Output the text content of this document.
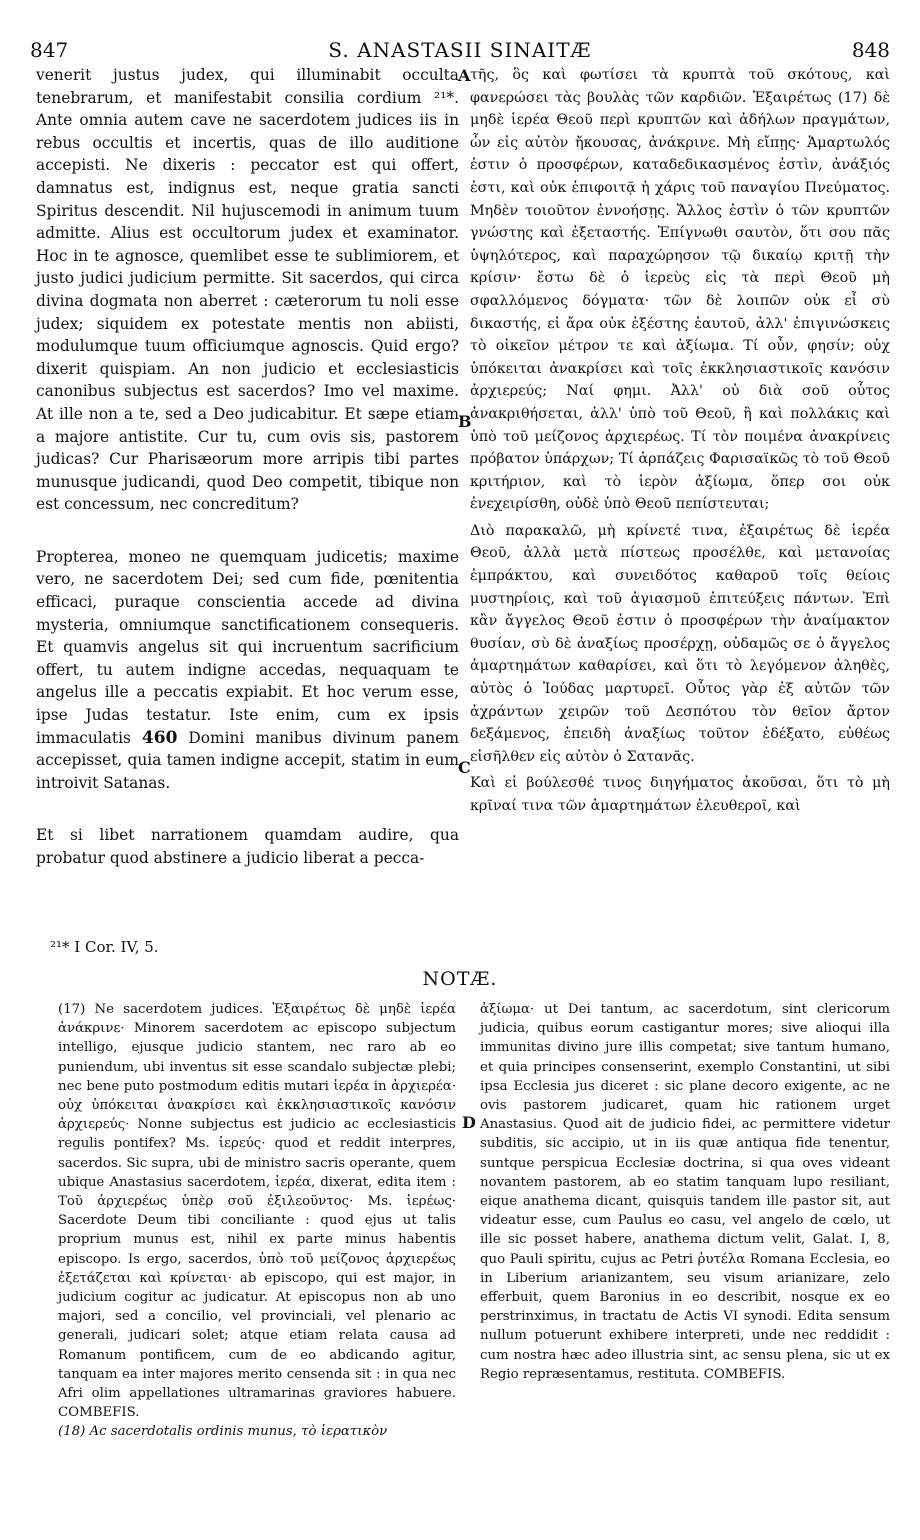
847	S. ANASTASII SINAITÆ	848

venerit justus judex, qui illuminabit occulta tenebrarum, et manifestabit consilia cordium ²¹*. Ante omnia autem cave ne sacerdotem judices iis in rebus occultis et incertis, quas de illo auditione accepisti. Ne dixeris : peccator est qui offert, damnatus est, indignus est, neque gratia sancti Spiritus descendit. Nil hujuscemodi in animum tuum admitte. Alius est occultorum judex et examinator. Hoc in te agnosce, quemlibet esse te sublimiorem, et justo judici judicium permitte. Sit sacerdos, qui circa divina dogmata non aberret : cæterorum tu noli esse judex; siquidem ex potestate mentis non abiisti, modulumque tuum officiumque agnoscis. Quid ergo? dixerit quispiam. An non judicio et ecclesiasticis canonibus subjectus est sacerdos? Imo vel maxime. At ille non a te, sed a Deo judicabitur. Et sæpe etiam a majore antistite. Cur tu, cum ovis sis, pastorem judicas? Cur Pharisæorum more arripis tibi partes munusque judicandi, quod Deo competit, tibique non est concessum, nec concreditum?

Propterea, moneo ne quemquam judicetis; maxime vero, ne sacerdotem Dei; sed cum fide, pœnitentia efficaci, puraque conscientia accede ad divina mysteria, omniumque sanctificationem consequeris. Et quamvis angelus sit qui incruentum sacrificium offert, tu autem indigne accedas, nequaquam te angelus ille a peccatis expiabit. Et hoc verum esse, ipse Judas testatur. Iste enim, cum ex ipsis immaculatis 460 Domini manibus divinum panem accepisset, quia tamen indigne accepit, statim in eum introivit Satanas.

Et si libet narrationem quamdam audire, qua probatur quod abstinere a judicio liberat a pecca-

A
B
C
D

τῆς, ὃς καὶ φωτίσει τὰ κρυπτὰ τοῦ σκότους, καὶ φανερώσει τὰς βουλὰς τῶν καρδιῶν. Ἐξαιρέτως (17) δὲ μηδὲ ἱερέα Θεοῦ περὶ κρυπτῶν καὶ ἀδήλων πραγμάτων, ὧν εἰς αὐτὸν ἤκουσας, ἀνάκρινε. Μὴ εἴπῃς· Ἁμαρτωλός ἐστιν ὁ προσφέρων, καταδεδικασμένος ἐστὶν, ἀνάξιός ἐστι, καὶ οὐκ ἐπιφοιτᾷ ἡ χάρις τοῦ παναγίου Πνεύματος. Μηδὲν τοιοῦτον ἐννοήσῃς. Ἄλλος ἐστὶν ὁ τῶν κρυπτῶν γνώστης καὶ ἐξεταστής. Ἐπίγνωθι σαυτὸν, ὅτι σου πᾶς ὑψηλότερος, καὶ παραχώρησον τῷ δικαίῳ κριτῇ τὴν κρίσιν· ἔστω δὲ ὁ ἱερεὺς εἰς τὰ περὶ Θεοῦ μὴ σφαλλόμενος δόγματα· τῶν δὲ λοιπῶν οὐκ εἶ σὺ δικαστής, εἰ ἄρα οὐκ ἐξέστης ἑαυτοῦ, ἀλλ' ἐπιγινώσκεις τὸ οἰκεῖον μέτρον τε καὶ ἀξίωμα. Τί οὖν, φησίν; οὐχ ὑπόκειται ἀνακρίσει καὶ τοῖς ἐκκλησιαστικοῖς κανόσιν ἀρχιερεύς; Ναί φημι. Ἀλλ' οὐ διὰ σοῦ οὗτος ἀνακριθήσεται, ἀλλ' ὑπὸ τοῦ Θεοῦ, ἢ καὶ πολλάκις καὶ ὑπὸ τοῦ μείζονος ἀρχιερέως. Τί τὸν ποιμένα ἀνακρίνεις πρόβατον ὑπάρχων; Τί ἁρπάζεις Φαρισαϊκῶς τὸ τοῦ Θεοῦ κριτήριον, καὶ τὸ ἱερὸν ἀξίωμα, ὅπερ σοι οὐκ ἐνεχειρίσθη, οὐδὲ ὑπὸ Θεοῦ πεπίστευται;

Διὸ παρακαλῶ, μὴ κρίνετέ τινα, ἐξαιρέτως δὲ ἱερέα Θεοῦ, ἀλλὰ μετὰ πίστεως προσέλθε, καὶ μετανοίας ἐμπράκτου, καὶ συνειδότος καθαροῦ τοῖς θείοις μυστηρίοις, καὶ τοῦ ἁγιασμοῦ ἐπιτεύξεις πάντων. Ἐπὶ κἂν ἄγγελος Θεοῦ ἐστιν ὁ προσφέρων τὴν ἀναίμακτον θυσίαν, σὺ δὲ ἀναξίως προσέρχῃ, οὐδαμῶς σε ὁ ἄγγελος ἁμαρτημάτων καθαρίσει, καὶ ὅτι τὸ λεγόμενον ἀληθὲς, αὐτὸς ὁ Ἰούδας μαρτυρεῖ. Οὗτος γὰρ ἐξ αὐτῶν τῶν ἀχράντων χειρῶν τοῦ Δεσπότου τὸν θεῖον ἄρτον δεξάμενος, ἐπειδὴ ἀναξίως τοῦτον ἐδέξατο, εὐθέως εἰσῆλθεν εἰς αὐτὸν ὁ Σατανᾶς.

Καὶ εἰ βούλεσθέ τινος διηγήματος ἀκοῦσαι, ὅτι τὸ μὴ κρῖναί τινα τῶν ἁμαρτημάτων ἐλευθεροῖ, καὶ

²¹* I Cor. IV, 5.
NOTÆ.

(17) Ne sacerdotem judices. Ἐξαιρέτως δὲ μηδὲ ἱερέα ἀνάκρινε· Minorem sacerdotem ac episcopo subjectum intelligo, ejusque judicio stantem, nec raro ab eo puniendum, ubi inventus sit esse scandalo subjectæ plebi; nec bene puto postmodum editis mutari ἱερέα in ἀρχιερέα· οὐχ ὑπόκειται ἀνακρίσει καὶ ἐκκλησιαστικοῖς κανόσιν ἀρχιερεύς· Nonne subjectus est judicio ac ecclesiasticis regulis pontifex? Ms. ἱερεύς· quod et reddit interpres, sacerdos. Sic supra, ubi de ministro sacris operante, quem ubique Anastasius sacerdotem, ἱερέα, dixerat, edita item : Τοῦ ἀρχιερέως ὑπὲρ σοῦ ἐξιλεοῦντος· Ms. ἱερέως· Sacerdote Deum tibi conciliante : quod ejus ut talis proprium munus est, nihil ex parte minus habentis episcopo. Is ergo, sacerdos, ὑπὸ τοῦ μείζονος ἀρχιερέως ἐξετάζεται καὶ κρίνεται· ab episcopo, qui est major, in judicium cogitur ac judicatur. At episcopus non ab uno majori, sed a concilio, vel provinciali, vel plenario ac generali, judicari solet; atque etiam relata causa ad Romanum pontificem, cum de eo abdicando agitur, tanquam ea inter majores merito censenda sit : in qua nec Afri olim appellationes ultramarinas graviores habuere. COMBEFIS.

(18) Ac sacerdotalis ordinis munus, τὸ ἱερατικὸν

ἀξίωμα· ut Dei tantum, ac sacerdotum, sint clericorum judicia, quibus eorum castigantur mores; sive alioqui illa immunitas divino jure illis competat; sive tantum humano, et quia principes consenserint, exemplo Constantini, ut sibi ipsa Ecclesia jus diceret : sic plane decoro exigente, ac ne ovis pastorem judicaret, quam hic rationem urget Anastasius. Quod ait de judicio fidei, ac permittere videtur subditis, sic accipio, ut in iis quæ antiqua fide tenentur, suntque perspicua Ecclesiæ doctrina, si qua oves videant novantem pastorem, ab eo statim tanquam lupo resiliant, eique anathema dicant, quisquis tandem ille pastor sit, aut videatur esse, cum Paulus eo casu, vel angelo de cœlo, ut ille sic posset habere, anathema dictum velit, Galat. I, 8, quo Pauli spiritu, cujus ac Petri ῥυτέλα Romana Ecclesia, eo in Liberium arianizantem, seu visum arianizare, zelo efferbuit, quem Baronius in eo describit, nosque ex eo perstrinximus, in tractatu de Actis VI synodi. Edita sensum nullum potuerunt exhibere interpreti, unde nec reddidit : cum nostra hæc adeo illustria sint, ac sensu plena, sic ut ex Regio repræsentamus, restituta. COMBEFIS.
